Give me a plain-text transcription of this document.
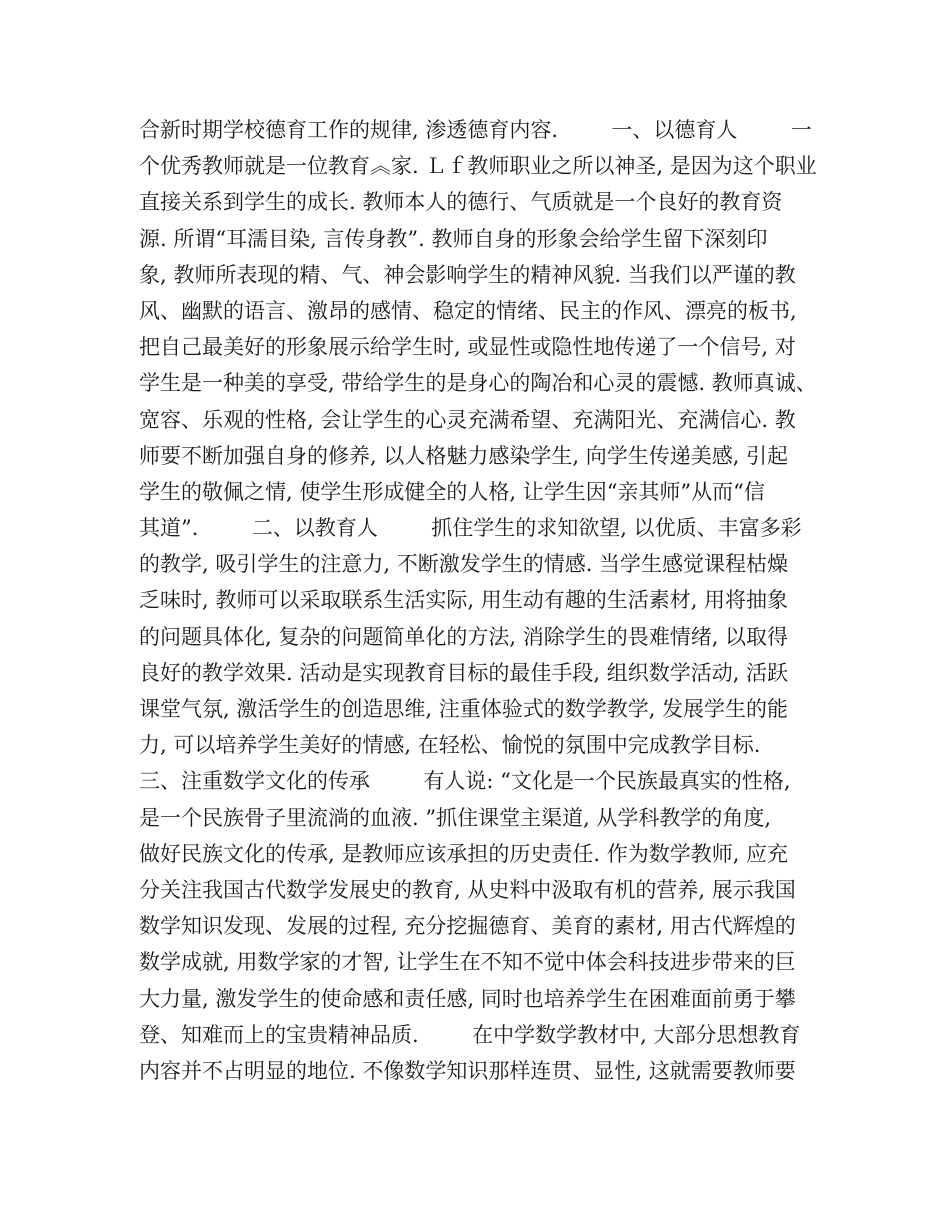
合新时期学校德育工作的规律, 渗透德育内容.        一、以德育人        一
个优秀教师就是一位教育︽家. Ｌｆ教师职业之所以神圣, 是因为这个职业
直接关系到学生的成长. 教师本人的德行、气质就是一个良好的教育资
源. 所谓“耳濡目染, 言传身教”. 教师自身的形象会给学生留下深刻印
象, 教师所表现的精、气、神会影响学生的精神风貌. 当我们以严谨的教
风、幽默的语言、激昂的感情、稳定的情绪、民主的作风、漂亮的板书,
把自己最美好的形象展示给学生时, 或显性或隐性地传递了一个信号, 对
学生是一种美的享受, 带给学生的是身心的陶冶和心灵的震憾. 教师真诚、
宽容、乐观的性格, 会让学生的心灵充满希望、充满阳光、充满信心. 教
师要不断加强自身的修养, 以人格魅力感染学生, 向学生传递美感, 引起
学生的敬佩之情, 使学生形成健全的人格, 让学生因“亲其师”从而“信
其道”.        二、以教育人        抓住学生的求知欲望, 以优质、丰富多彩
的教学, 吸引学生的注意力, 不断激发学生的情感. 当学生感觉课程枯燥
乏味时, 教师可以采取联系生活实际, 用生动有趣的生活素材, 用将抽象
的问题具体化, 复杂的问题简单化的方法, 消除学生的畏难情绪, 以取得
良好的教学效果. 活动是实现教育目标的最佳手段, 组织数学活动, 活跃
课堂气氛, 激活学生的创造思维, 注重体验式的数学教学, 发展学生的能
力, 可以培养学生美好的情感, 在轻松、愉悦的氛围中完成教学目标.
三、注重数学文化的传承        有人说: “文化是一个民族最真实的性格,
是一个民族骨子里流淌的血液. ”抓住课堂主渠道, 从学科教学的角度,
做好民族文化的传承, 是教师应该承担的历史责任. 作为数学教师, 应充
分关注我国古代数学发展史的教育, 从史料中汲取有机的营养, 展示我国
数学知识发现、发展的过程, 充分挖掘德育、美育的素材, 用古代辉煌的
数学成就, 用数学家的才智, 让学生在不知不觉中体会科技进步带来的巨
大力量, 激发学生的使命感和责任感, 同时也培养学生在困难面前勇于攀
登、知难而上的宝贵精神品质.        在中学数学教材中, 大部分思想教育
内容并不占明显的地位. 不像数学知识那样连贯、显性, 这就需要教师要
